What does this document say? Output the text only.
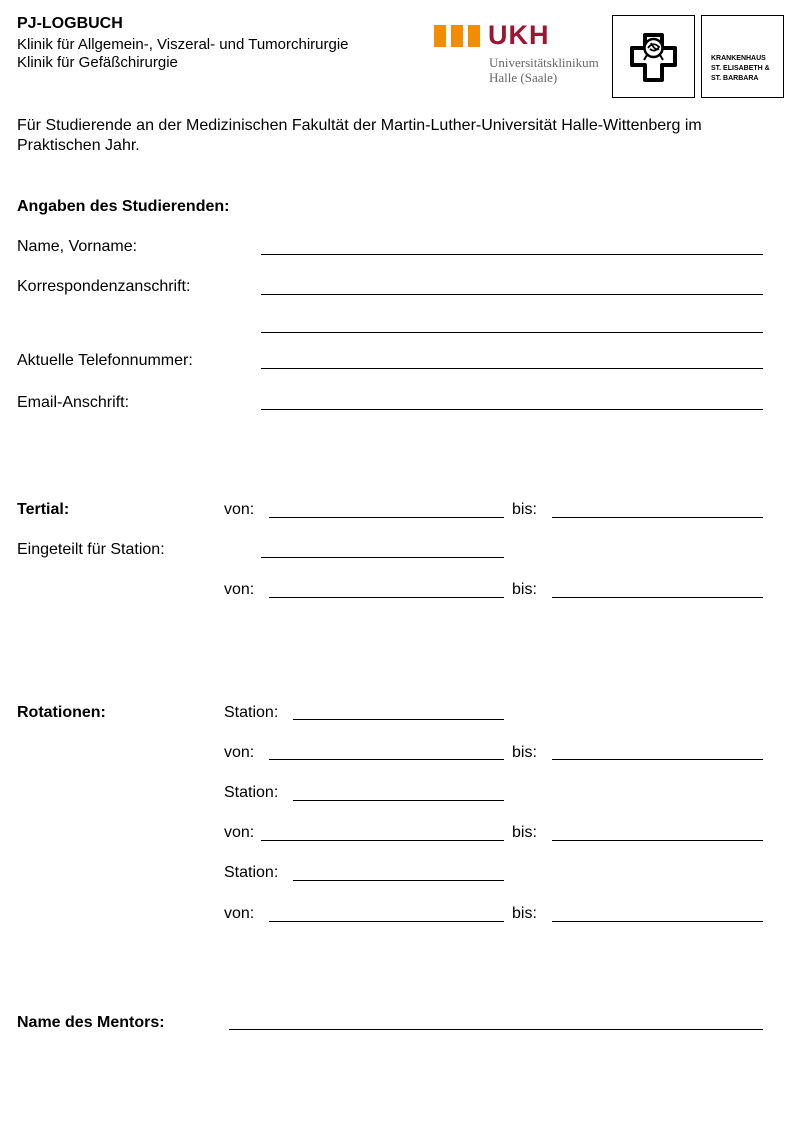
PJ-LOGBUCH
Klinik für Allgemein-, Viszeral- und Tumorchirurgie
Klinik für Gefäßchirurgie
UKH
Universitätsklinikum
Halle (Saale)
KRANKENHAUS
ST. ELISABETH &
ST. BARBARA
Für Studierende an der Medizinischen Fakultät der Martin-Luther-Universität Halle-Wittenberg im
Praktischen Jahr.
Angaben des Studierenden:
Name, Vorname:
Korrespondenzanschrift:
Aktuelle Telefonnummer:
Email-Anschrift:
Tertial:	von:	bis:
Eingeteilt für Station:
von:	bis:
Rotationen:	Station:
von:	bis:
Station:
von:	bis:
Station:
von:	bis:
Name des Mentors:
